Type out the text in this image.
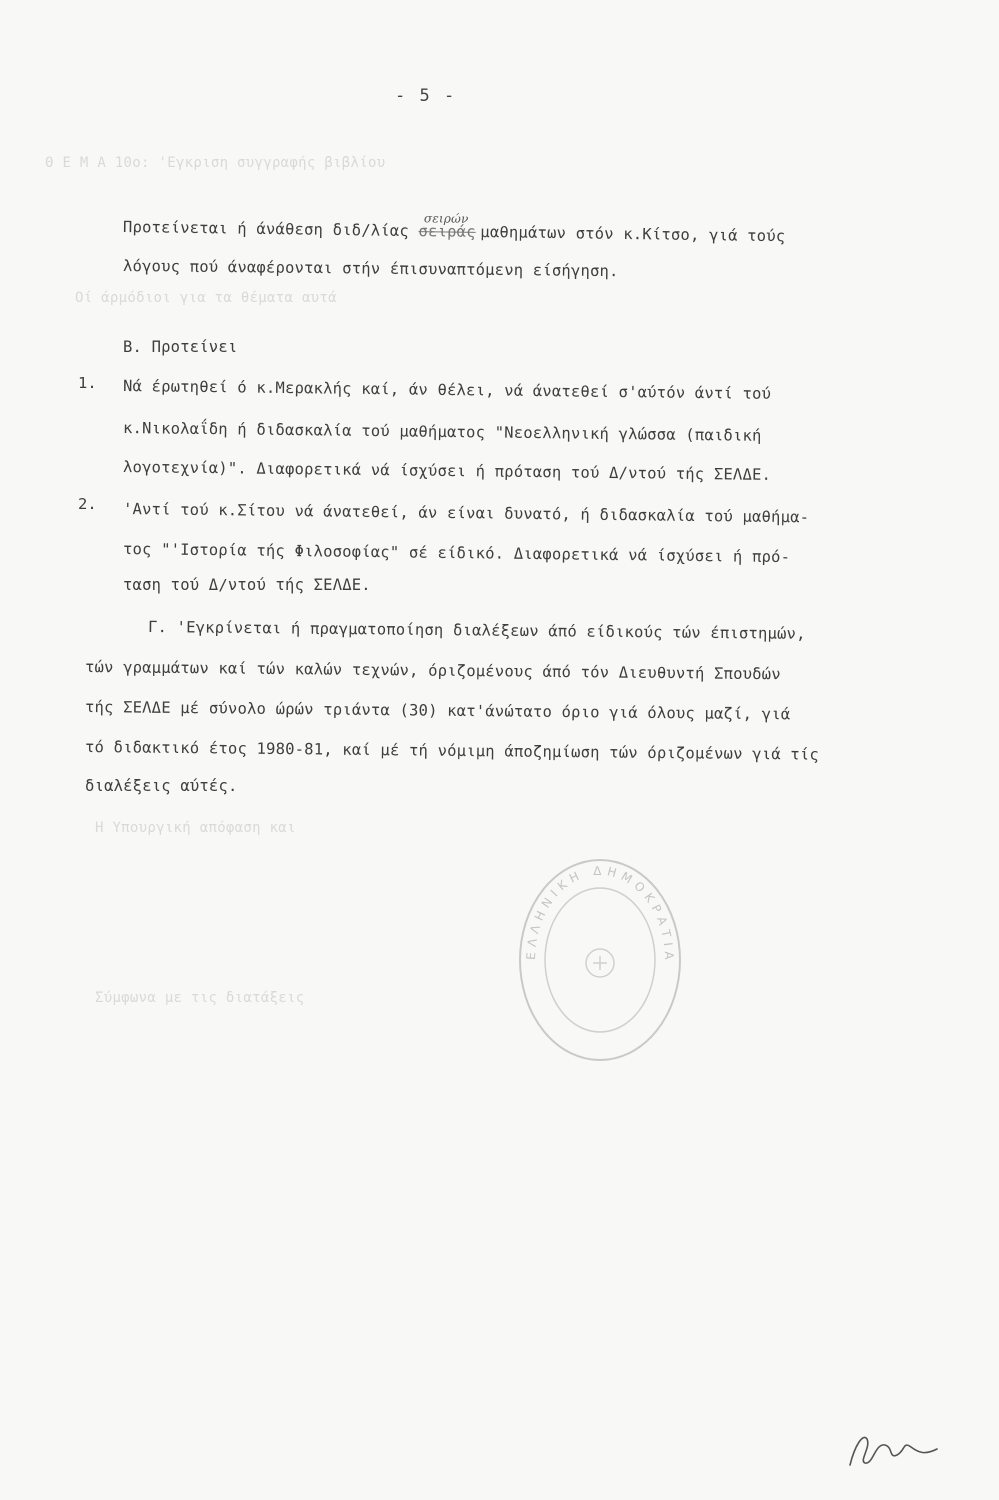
Θ Ε Μ Α 10ο: 'Εγκριση συγγραφής βιβλίου
Οί άρμόδιοι για τα θέματα αυτά
Η Υπουργική απόφαση και
Σύμφωνα με τις διατάξεις
- 5 -
Προτείνεται ή άνάθεση διδ/λίας σειράς$^{\sigma\varepsilon\iota\rho ώ\nu}$μαθημάτων στόν κ.Κίτσο, γιά τούς
λόγους πού άναφέρονται στήν έπισυναπτόμενη είσήγηση.
Β. Προτείνει
1. Νά έρωτηθεί ό κ.Μερακλής καί, άν θέλει, νά άνατεθεί σ'αύτόν άντί τού
κ.Νικολαΐδη ή διδασκαλία τού μαθήματος "Νεοελληνική γλώσσα (παιδική
λογοτεχνία)". Διαφορετικά νά ίσχύσει ή πρόταση τού Δ/ντού τής ΣΕΛΔΕ.
2. 'Αντί τού κ.Σίτου νά άνατεθεί, άν είναι δυνατό, ή διδασκαλία τού μαθήμα-
τος "'Ιστορία τής Φιλοσοφίας" σέ είδικό. Διαφορετικά νά ίσχύσει ή πρό-
ταση τού Δ/ντού τής ΣΕΛΔΕ.
Γ. 'Εγκρίνεται ή πραγματοποίηση διαλέξεων άπό είδικούς τών έπιστημών,
τών γραμμάτων καί τών καλών τεχνών, όριζομένους άπό τόν Διευθυντή Σπουδών
τής ΣΕΛΔΕ μέ σύνολο ώρών τριάντα (30) κατ'άνώτατο όριο γιά όλους μαζί, γιά
τό διδακτικό έτος 1980-81, καί μέ τή νόμιμη άποζημίωση τών όριζομένων γιά τίς
διαλέξεις αύτές.
ΕΛΛΗΝΙΚΗ ΔΗΜΟΚΡΑΤΙΑ
